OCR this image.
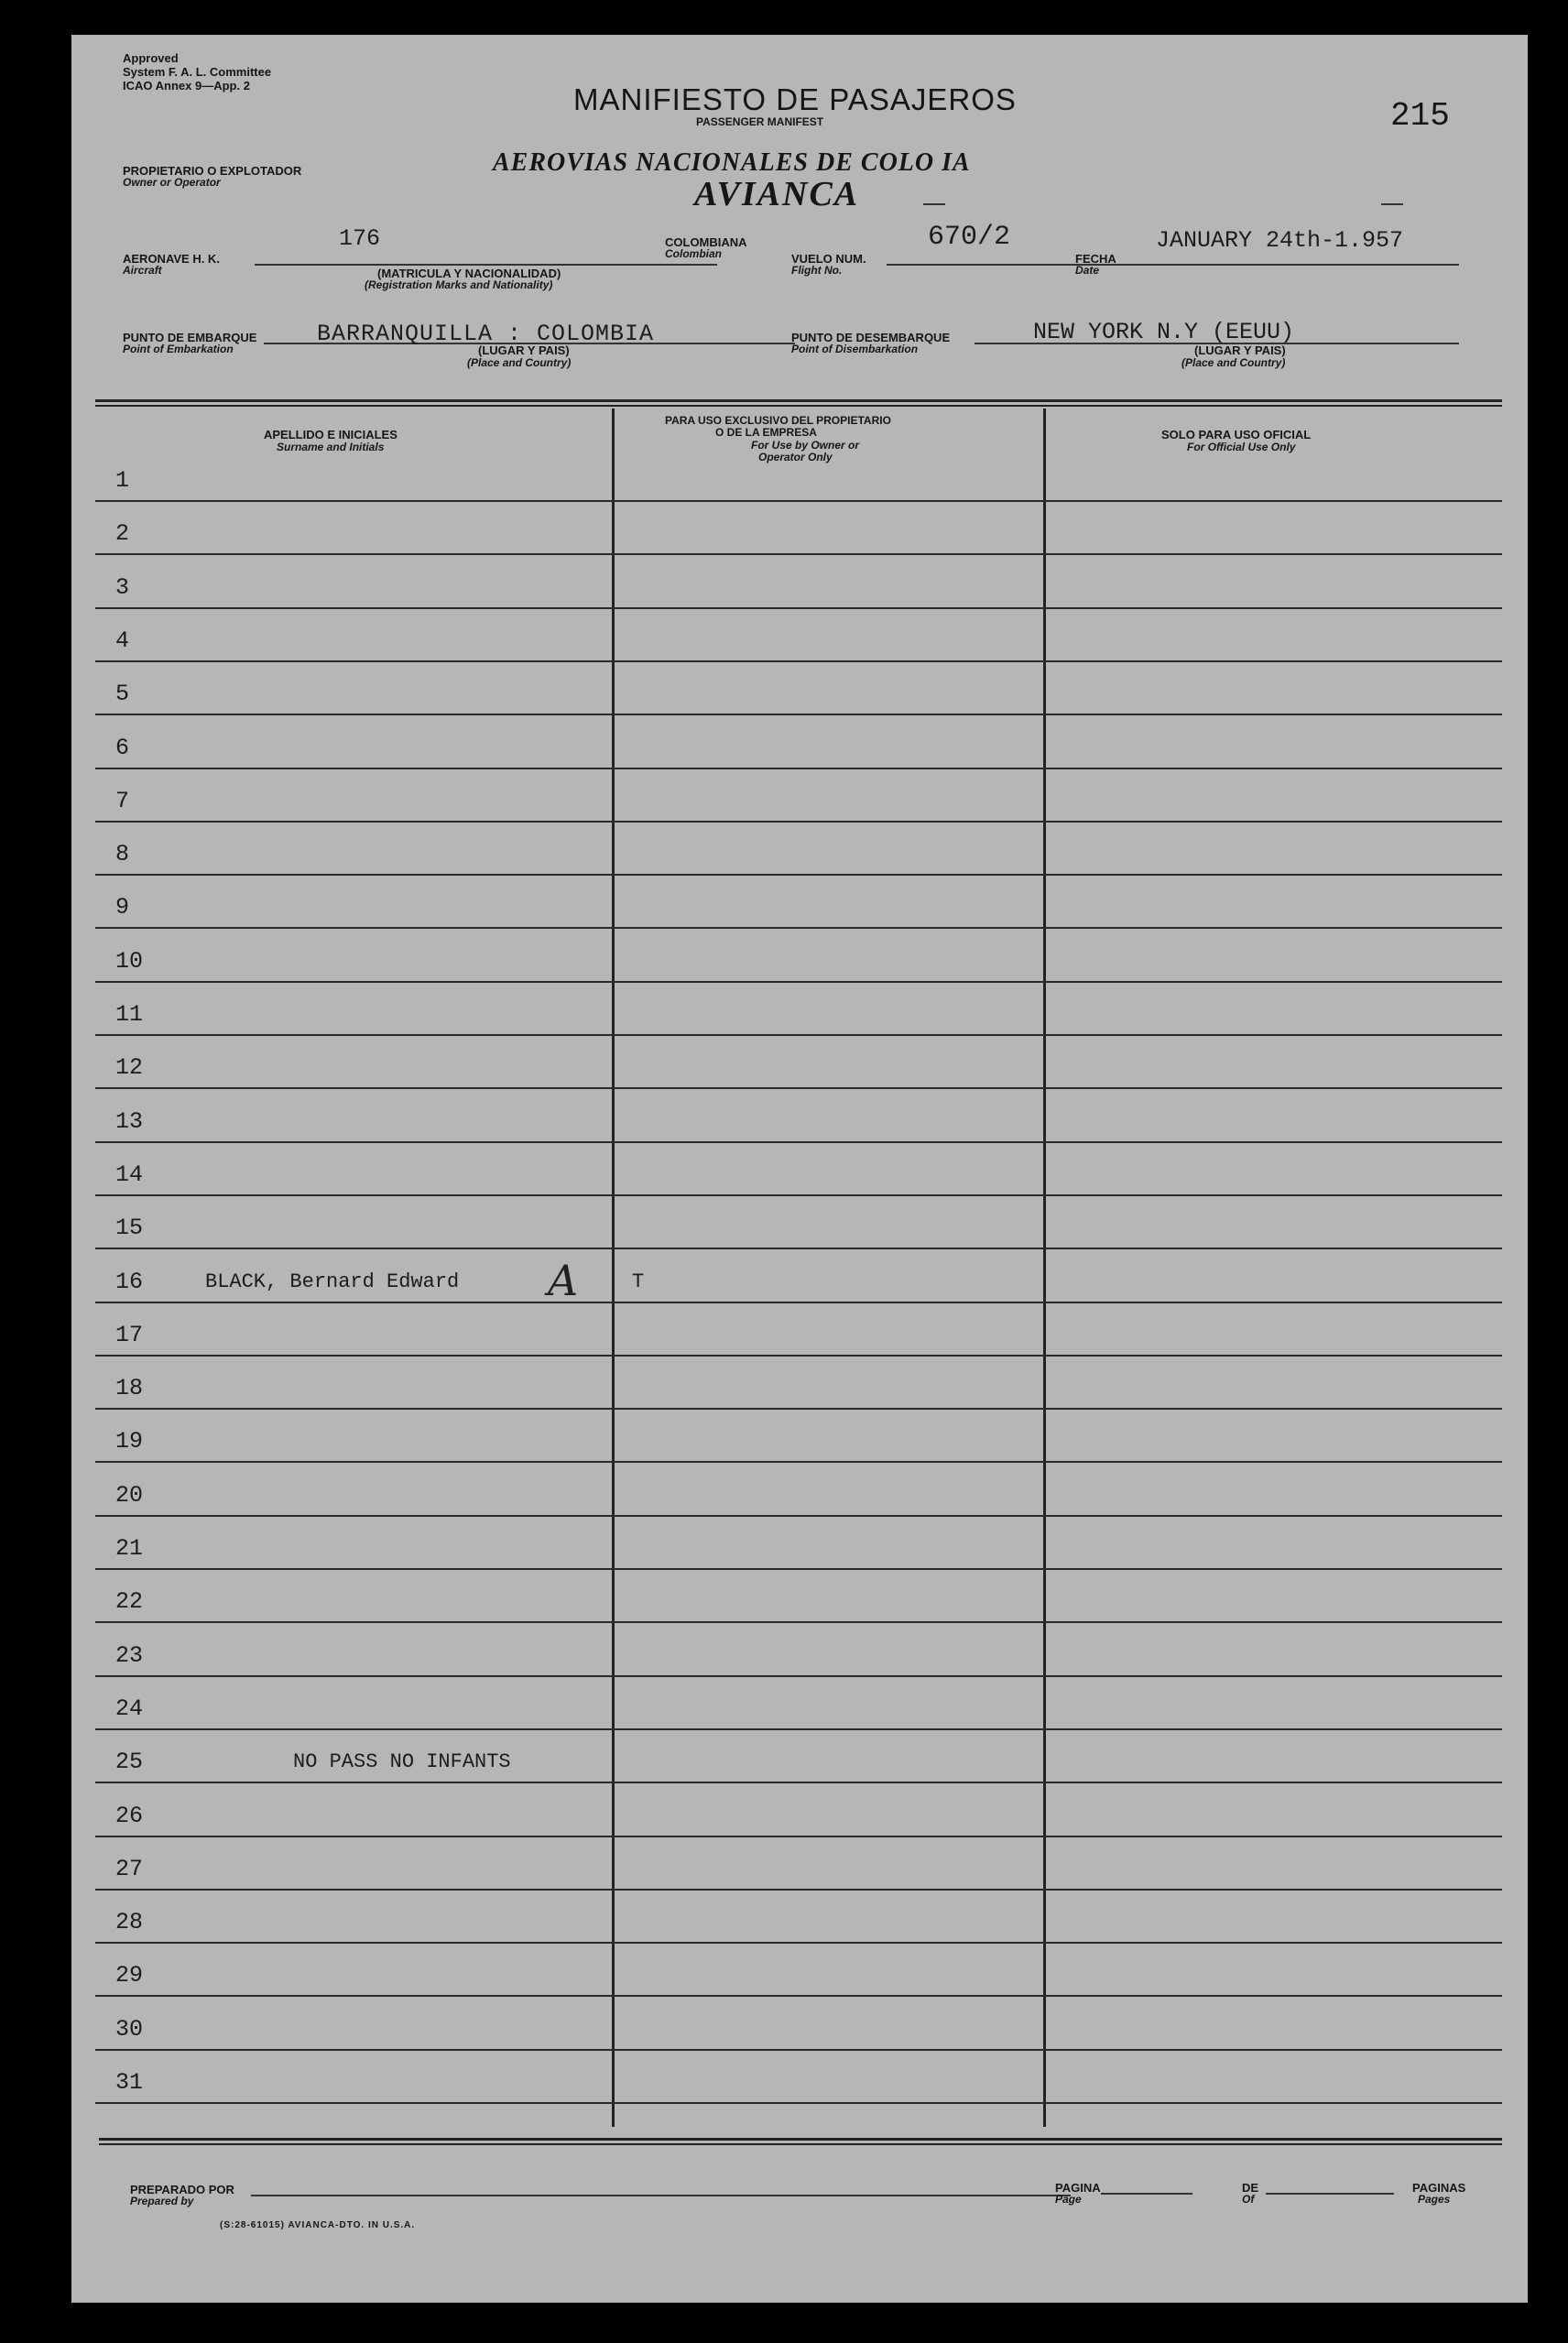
Approved
System F. A. L. Committee
ICAO Annex 9—App. 2	MANIFIESTO DE PASAJEROS
PASSENGER MANIFEST	215
AEROVIAS NACIONALES DE COLO IA
AVIANCA
PROPIETARIO O EXPLOTADOR
Owner or Operator
AERONAVE H. K.
Aircraft
176
(MATRICULA Y NACIONALIDAD)
(Registration Marks and Nationality)
COLOMBIANA
Colombian	VUELO NUM.
Flight No.
670/2
FECHA
Date
JANUARY 24th-1.957
PUNTO DE EMBARQUE
Point of Embarkation
BARRANQUILLA : COLOMBIA
(LUGAR Y PAIS)
(Place and Country)
PUNTO DE DESEMBARQUE
Point of Disembarkation
NEW YORK N.Y (EEUU)
(LUGAR Y PAIS)
(Place and Country)
APELLIDO E INICIALES
Surname and Initials
PARA USO EXCLUSIVO DEL PROPIETARIO
O DE LA EMPRESA
For Use by Owner or
Operator Only
SOLO PARA USO OFICIAL
For Official Use Only
1
2
3
4
5
6
7
8
9
10
11
12
13
14
15
16	BLACK, Bernard Edward A	T
17
18
19
20
21
22
23
24
25	NO PASS NO INFANTS
26
27
28
29
30
31
PREPARADO POR
Prepared by
PAGINA
Page
DE
Of
PAGINAS
Pages
(S:28-61015) AVIANCA-DTO. IN U.S.A.
